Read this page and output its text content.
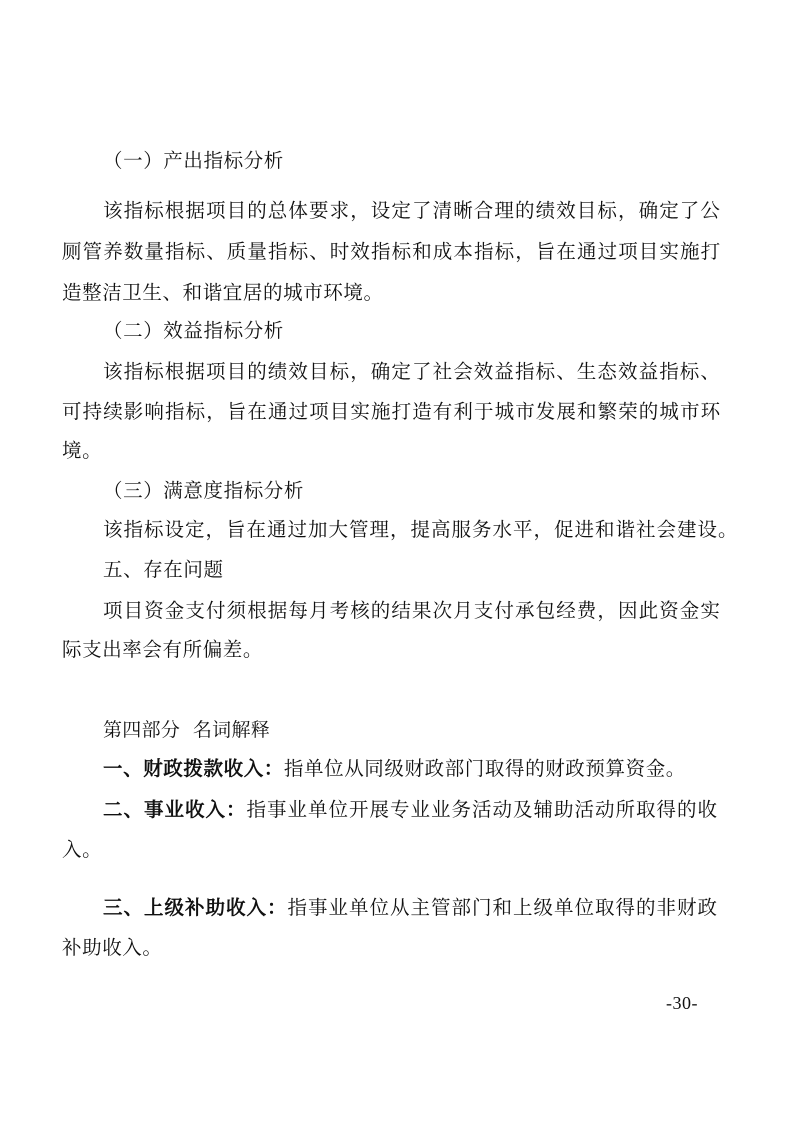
（一）产出指标分析
该指标根据项目的总体要求，设定了清晰合理的绩效目标，确定了公
厕管养数量指标、质量指标、时效指标和成本指标，旨在通过项目实施打
造整洁卫生、和谐宜居的城市环境。
（二）效益指标分析
该指标根据项目的绩效目标，确定了社会效益指标、生态效益指标、
可持续影响指标，旨在通过项目实施打造有利于城市发展和繁荣的城市环
境。
（三）满意度指标分析
该指标设定，旨在通过加大管理，提高服务水平，促进和谐社会建设。
五、存在问题
项目资金支付须根据每月考核的结果次月支付承包经费，因此资金实
际支出率会有所偏差。
第四部分  名词解释
一、财政拨款收入：指单位从同级财政部门取得的财政预算资金。
二、事业收入：指事业单位开展专业业务活动及辅助活动所取得的收
入。
三、上级补助收入：指事业单位从主管部门和上级单位取得的非财政
补助收入。
-30-
